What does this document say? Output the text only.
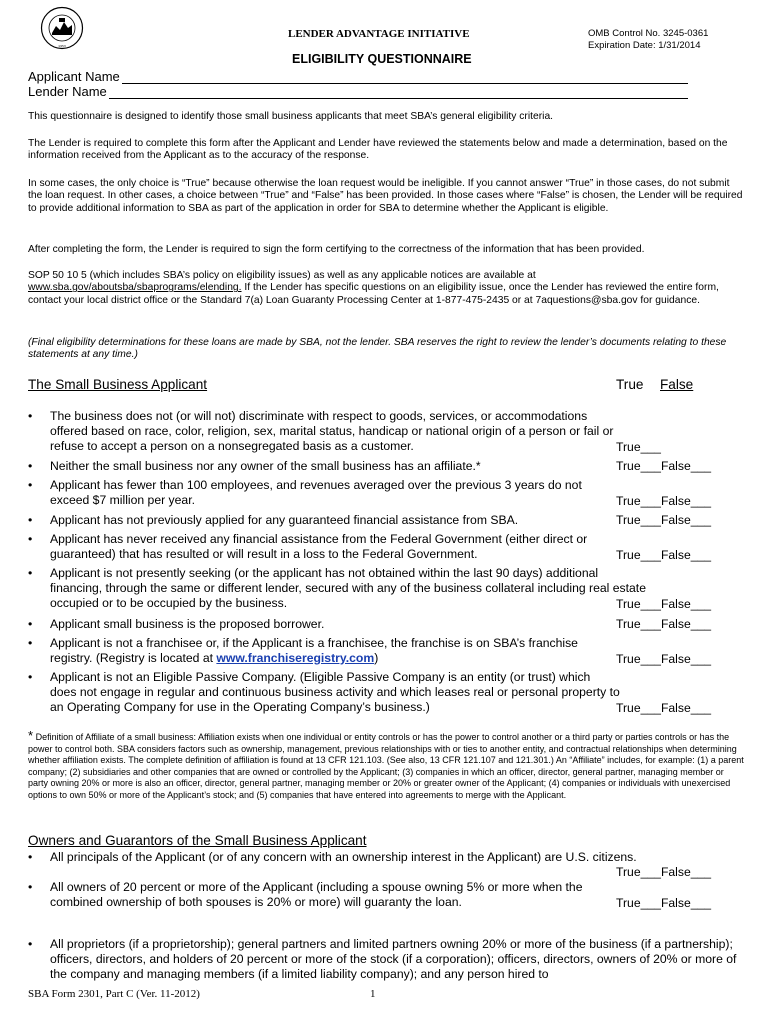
1953
LENDER ADVANTAGE INITIATIVE	OMB Control No. 3245-0361
Expiration Date: 1/31/2014
ELIGIBILITY QUESTIONNAIRE
Applicant Name
Lender Name

This questionnaire is designed to identify those small business applicants that meet SBA’s general eligibility criteria.

The Lender is required to complete this form after the Applicant and Lender have reviewed the statements below and made a determination, based on the information received from the Applicant as to the accuracy of the response.

In some cases, the only choice is “True” because otherwise the loan request would be ineligible. If you cannot answer “True” in those cases, do not submit the loan request. In other cases, a choice between “True” and “False” has been provided. In those cases where “False” is chosen, the Lender will be required to provide additional information to SBA as part of the application in order for SBA to determine whether the Applicant is eligible.

After completing the form, the Lender is required to sign the form certifying to the correctness of the information that has been provided.

SOP 50 10 5 (which includes SBA’s policy on eligibility issues) as well as any applicable notices are available at www.sba.gov/aboutsba/sbaprograms/elending. If the Lender has specific questions on an eligibility issue, once the Lender has reviewed the entire form, contact your local district office or the Standard 7(a) Loan Guaranty Processing Center at 1-877-475-2435 or at 7aquestions@sba.gov for guidance.

(Final eligibility determinations for these loans are made by SBA, not the lender. SBA reserves the right to review the lender’s documents relating to these statements at any time.)

The Small Business Applicant	True False
•	The business does not (or will not) discriminate with respect to goods, services, or accommodations offered based on race, color, religion, sex, marital status, handicap or national origin of a person or fail or refuse to accept a person on a nonsegregated basis as a customer.	True___
•	Neither the small business nor any owner of the small business has an affiliate.*	True___False___
•	Applicant has fewer than 100 employees, and revenues averaged over the previous 3 years do not exceed $7 million per year.	True___False___
•	Applicant has not previously applied for any guaranteed financial assistance from SBA.	True___False___
•	Applicant has never received any financial assistance from the Federal Government (either direct or guaranteed) that has resulted or will result in a loss to the Federal Government.	True___False___
•	Applicant is not presently seeking (or the applicant has not obtained within the last 90 days) additional financing, through the same or different lender, secured with any of the business collateral including real estate occupied or to be occupied by the business.	True___False___
•	Applicant small business is the proposed borrower.	True___False___
•	Applicant is not a franchisee or, if the Applicant is a franchisee, the franchise is on SBA’s franchise registry. (Registry is located at www.franchiseregistry.com)	True___False___
•	Applicant is not an Eligible Passive Company. (Eligible Passive Company is an entity (or trust) which does not engage in regular and continuous business activity and which leases real or personal property to an Operating Company for use in the Operating Company’s business.)	True___False___
* Definition of Affiliate of a small business: Affiliation exists when one individual or entity controls or has the power to control another or a third party or parties controls or has the power to control both. SBA considers factors such as ownership, management, previous relationships with or ties to another entity, and contractual relationships when determining whether affiliation exists. The complete definition of affiliation is found at 13 CFR 121.103. (See also, 13 CFR 121.107 and 121.301.) An “Affiliate” includes, for example: (1) a parent company; (2) subsidiaries and other companies that are owned or controlled by the Applicant; (3) companies in which an officer, director, general partner, managing member or party owning 20% or more is also an officer, director, general partner, managing member or 20% or greater owner of the Applicant; (4) companies or individuals with unexercised options to own 50% or more of the Applicant’s stock; and (5) companies that have entered into agreements to merge with the Applicant.
Owners and Guarantors of the Small Business Applicant
•	All principals of the Applicant (or of any concern with an ownership interest in the Applicant) are U.S. citizens.
True___False___
•	All owners of 20 percent or more of the Applicant (including a spouse owning 5% or more when the combined ownership of both spouses is 20% or more) will guaranty the loan.	True___False___
•	All proprietors (if a proprietorship); general partners and limited partners owning 20% or more of the business (if a partnership); officers, directors, and holders of 20 percent or more of the stock (if a corporation); officers, directors, owners of 20% or more of the company and managing members (if a limited liability company); and any person hired to
SBA Form 2301, Part C (Ver. 11-2012)	1
